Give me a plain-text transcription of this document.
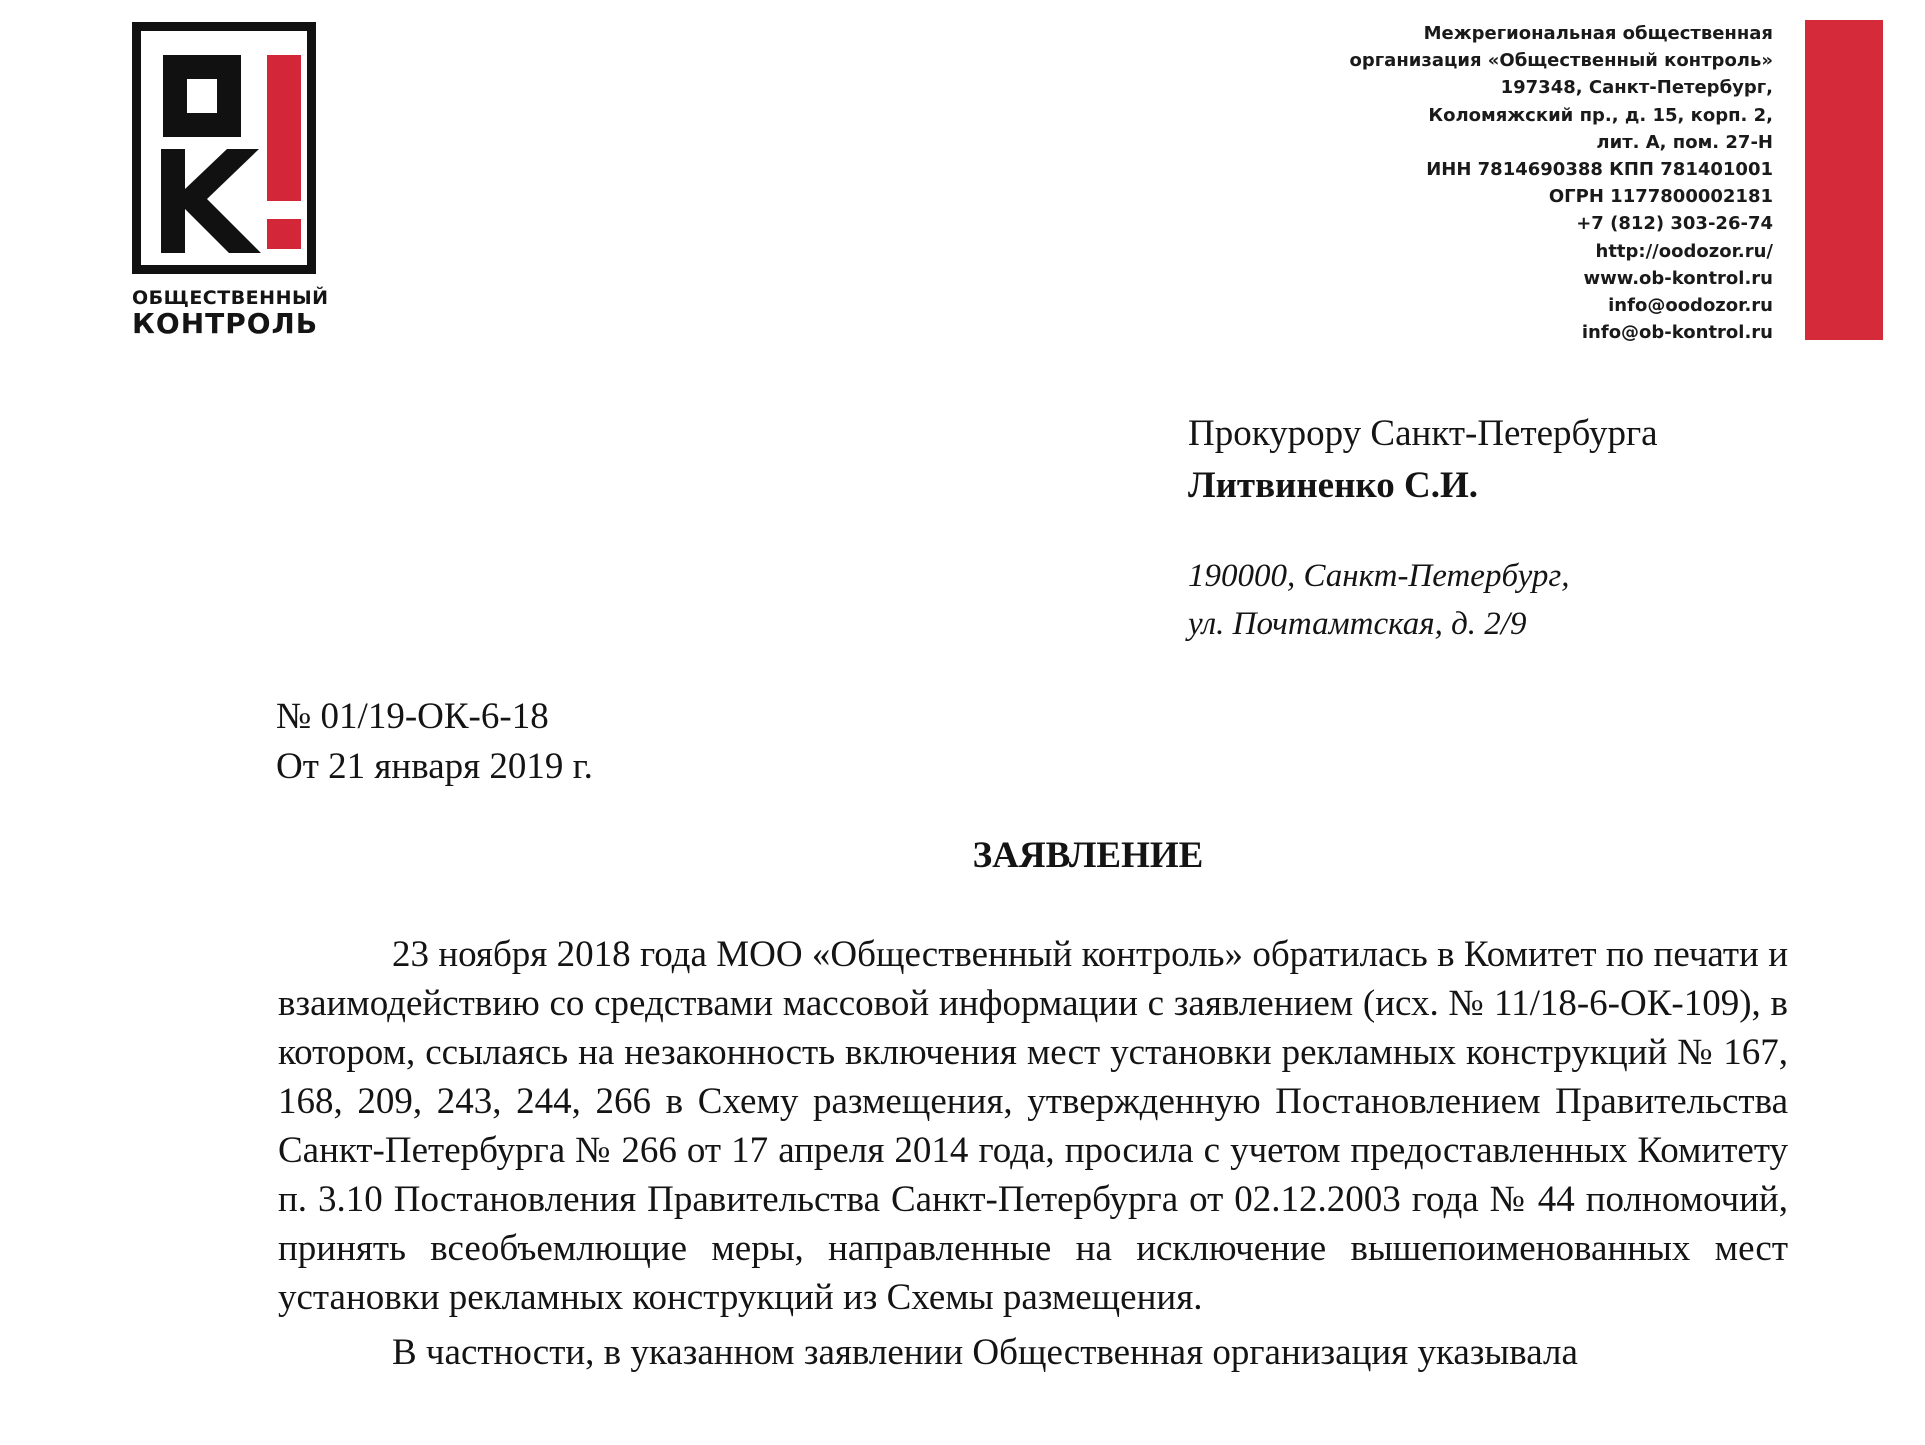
ОБЩЕСТВЕННЫЙ
КОНТРОЛЬ
Межрегиональная общественная
организация «Общественный контроль»
197348, Санкт-Петербург,
Коломяжский пр., д. 15, корп. 2,
лит. А, пом. 27-Н
ИНН 7814690388 КПП 781401001
ОГРН 1177800002181
+7 (812) 303-26-74
http://oodozor.ru/
www.ob-kontrol.ru
info@oodozor.ru
info@ob-kontrol.ru
Прокурору Санкт-Петербурга
Литвиненко С.И.
190000, Санкт-Петербург,
ул. Почтамтская, д. 2/9
№ 01/19-ОК-6-18
От 21 января 2019 г.
ЗАЯВЛЕНИЕ

23 ноября 2018 года МОО «Общественный контроль» обратилась в Комитет по печати и взаимодействию со средствами массовой информации с заявлением (исх. № 11/18-6-ОК-109), в котором, ссылаясь на незаконность включения мест установки рекламных конструкций № 167, 168, 209, 243, 244, 266 в Схему размещения, утвержденную Постановлением Правительства Санкт-Петербурга № 266 от 17 апреля 2014 года, просила с учетом предоставленных Комитету п. 3.10 Постановления Правительства Санкт-Петербурга от 02.12.2003 года № 44 полномочий, принять всеобъемлющие меры, направленные на исключение вышепоименованных мест установки рекламных конструкций из Схемы размещения.

В частности, в указанном заявлении Общественная организация указывала
